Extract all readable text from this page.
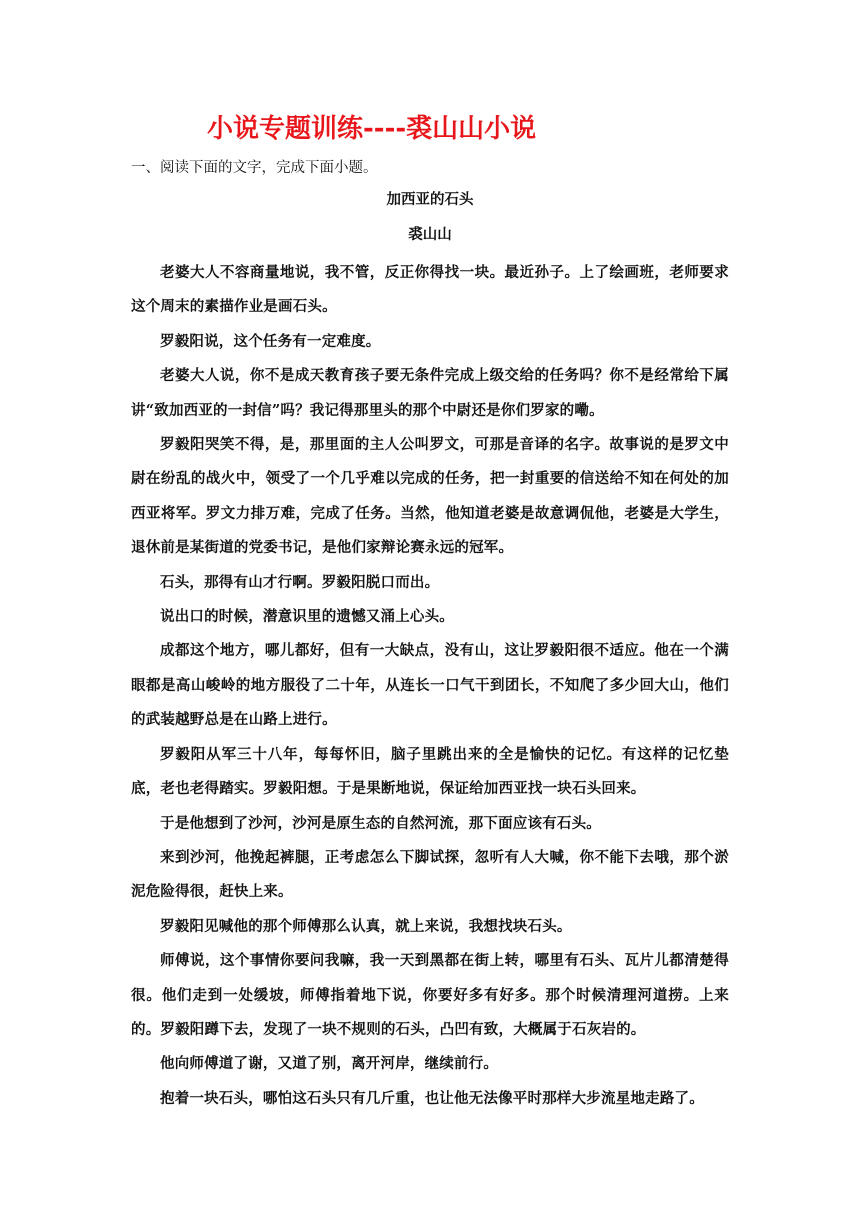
小说专题训练----裘山山小说

一、阅读下面的文字，完成下面小题。

加西亚的石头

裘山山

老婆大人不容商量地说，我不管，反正你得找一块。最近孙子。上了绘画班，老师要求这个周末的素描作业是画石头。

罗毅阳说，这个任务有一定难度。

老婆大人说，你不是成天教育孩子要无条件完成上级交给的任务吗？你不是经常给下属讲“致加西亚的一封信”吗？我记得那里头的那个中尉还是你们罗家的嘞。

罗毅阳哭笑不得，是，那里面的主人公叫罗文，可那是音译的名字。故事说的是罗文中尉在纷乱的战火中，领受了一个几乎难以完成的任务，把一封重要的信送给不知在何处的加西亚将军。罗文力排万难，完成了任务。当然，他知道老婆是故意调侃他，老婆是大学生，退休前是某街道的党委书记，是他们家辩论赛永远的冠军。

石头，那得有山才行啊。罗毅阳脱口而出。

说出口的时候，潜意识里的遗憾又涌上心头。

成都这个地方，哪儿都好，但有一大缺点，没有山，这让罗毅阳很不适应。他在一个满眼都是高山峻岭的地方服役了二十年，从连长一口气干到团长，不知爬了多少回大山，他们的武装越野总是在山路上进行。

罗毅阳从军三十八年，每每怀旧，脑子里跳出来的全是愉快的记忆。有这样的记忆垫底，老也老得踏实。罗毅阳想。于是果断地说，保证给加西亚找一块石头回来。

于是他想到了沙河，沙河是原生态的自然河流，那下面应该有石头。

来到沙河，他挽起裤腿，正考虑怎么下脚试探，忽听有人大喊，你不能下去哦，那个淤泥危险得很，赶快上来。

罗毅阳见喊他的那个师傅那么认真，就上来说，我想找块石头。

师傅说，这个事情你要问我嘛，我一天到黑都在街上转，哪里有石头、瓦片儿都清楚得很。他们走到一处缓坡，师傅指着地下说，你要好多有好多。那个时候清理河道捞。上来的。罗毅阳蹲下去，发现了一块不规则的石头，凸凹有致，大概属于石灰岩的。

他向师傅道了谢，又道了别，离开河岸，继续前行。

抱着一块石头，哪怕这石头只有几斤重，也让他无法像平时那样大步流星地走路了。
